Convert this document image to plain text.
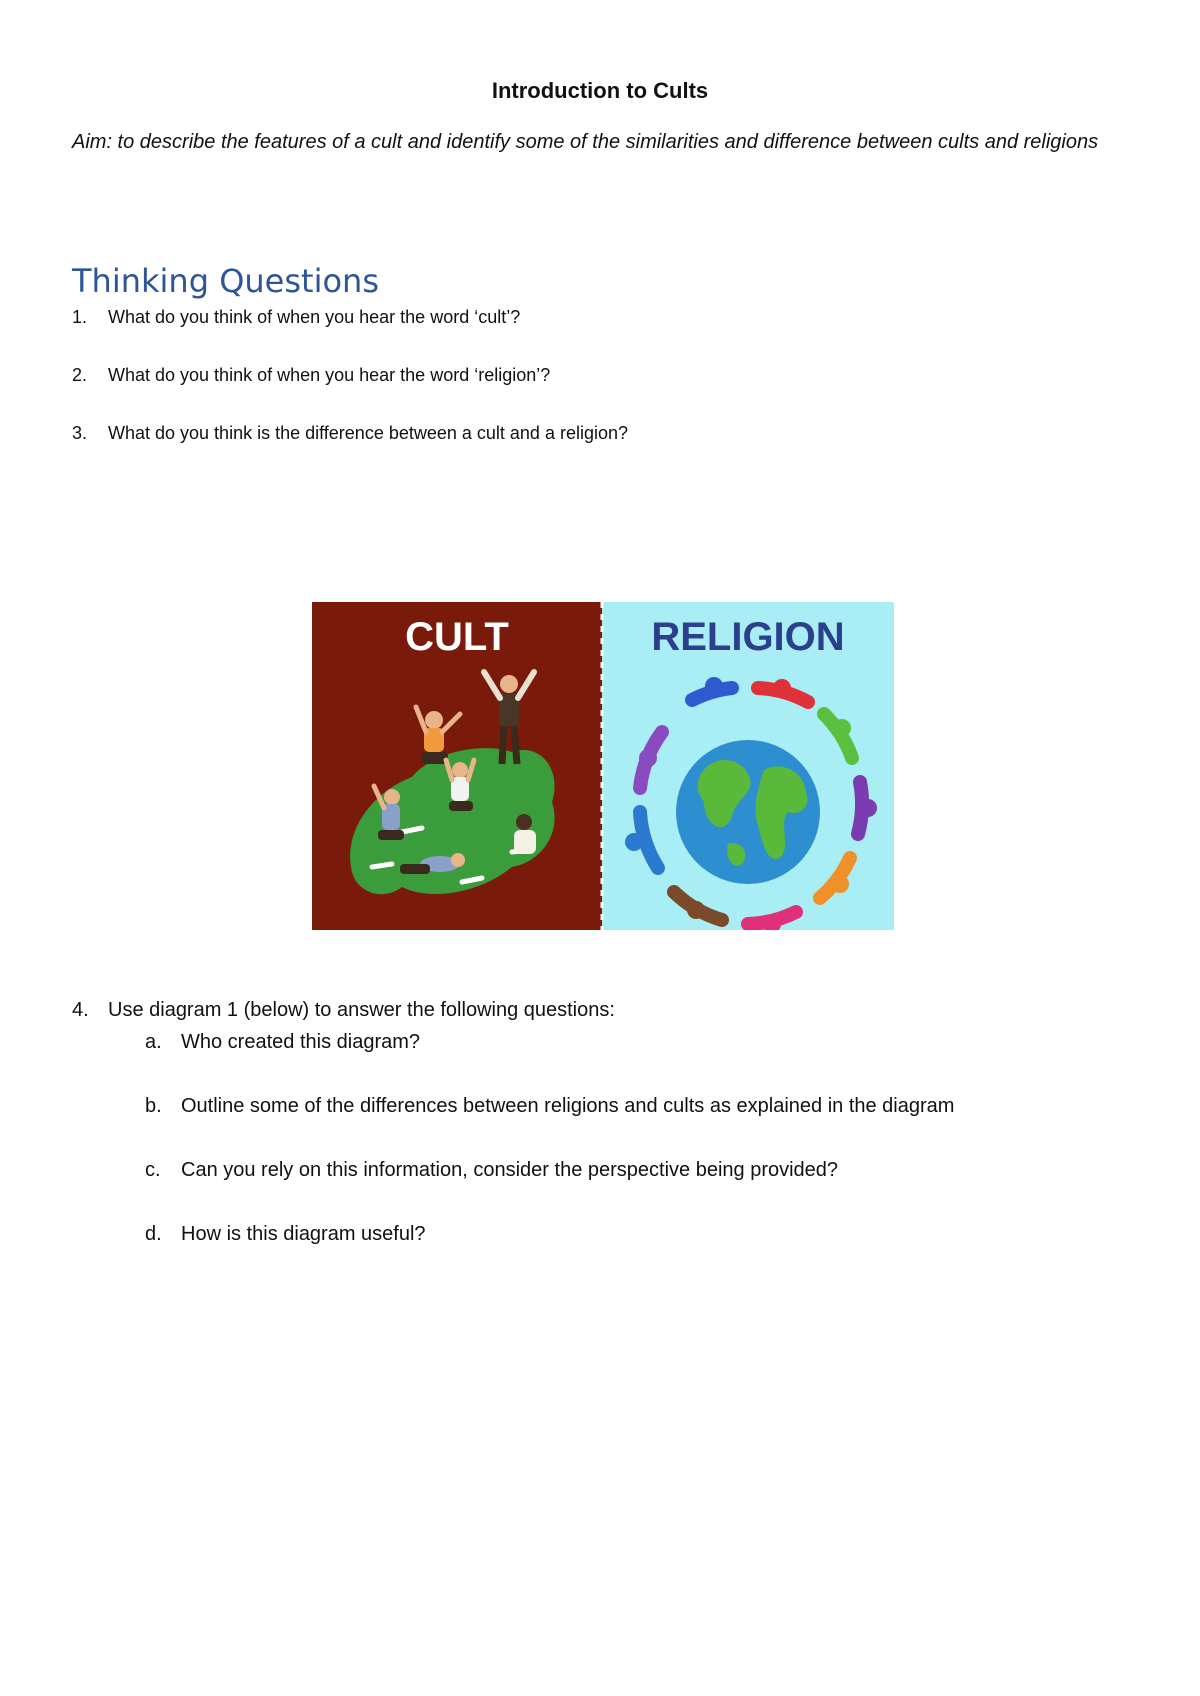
Introduction to Cults
Aim: to describe the features of a cult and identify some of the similarities and difference between cults and religions
Thinking Questions
1. What do you think of when you hear the word ‘cult’?
2. What do you think of when you hear the word ‘religion’?
3. What do you think is the difference between a cult and a religion?
CULT	RELIGION
4. Use diagram 1 (below) to answer the following questions:
a. Who created this diagram?
b. Outline some of the differences between religions and cults as explained in the diagram
c. Can you rely on this information, consider the perspective being provided?
d. How is this diagram useful?
